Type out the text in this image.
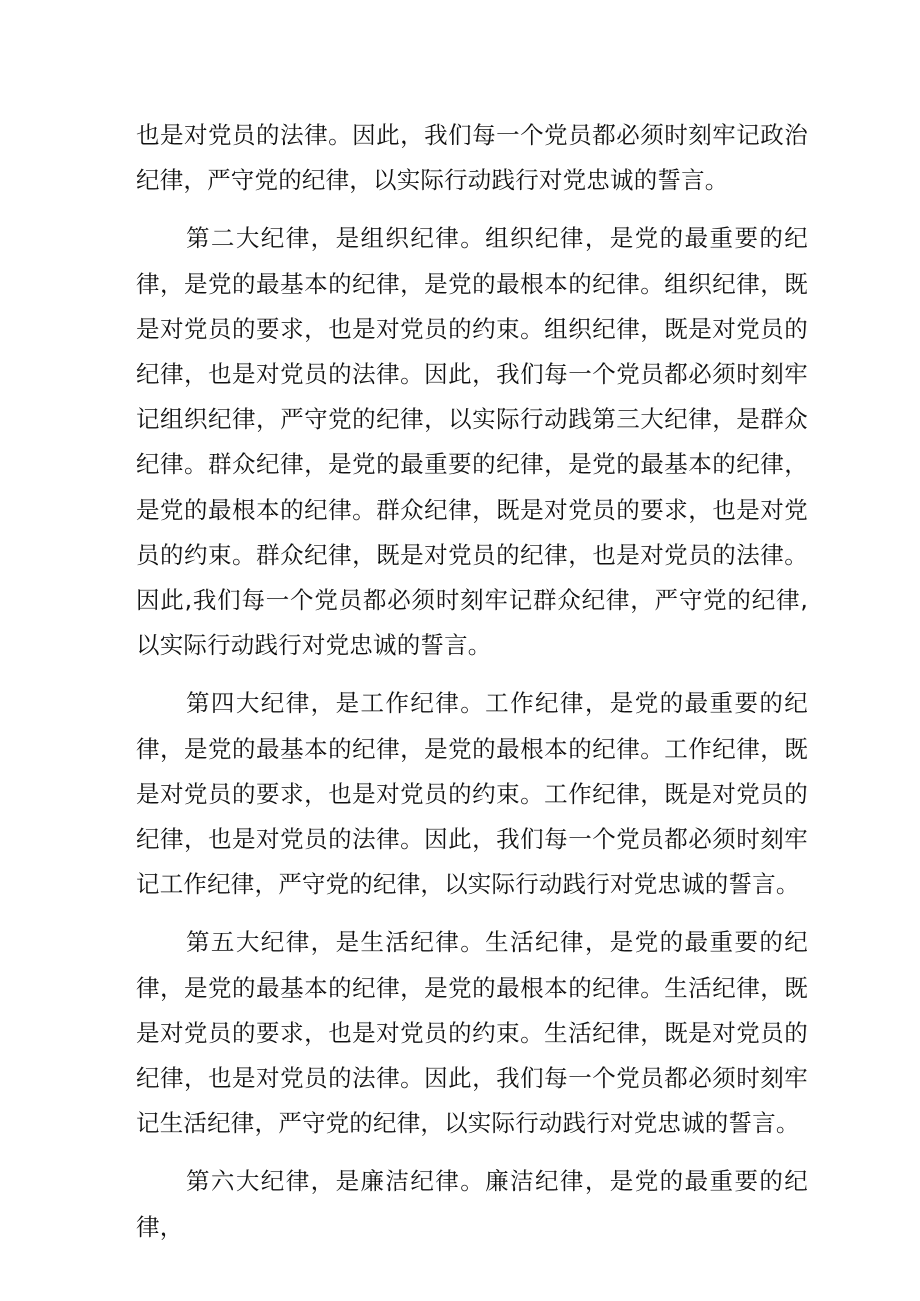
也是对党员的法律。因此，我们每一个党员都必须时刻牢记政治纪律，严守党的纪律，以实际行动践行对党忠诚的誓言。

第二大纪律，是组织纪律。组织纪律，是党的最重要的纪律，是党的最基本的纪律，是党的最根本的纪律。组织纪律，既是对党员的要求，也是对党员的约束。组织纪律，既是对党员的纪律，也是对党员的法律。因此，我们每一个党员都必须时刻牢记组织纪律，严守党的纪律，以实际行动践第三大纪律，是群众纪律。群众纪律，是党的最重要的纪律，是党的最基本的纪律，是党的最根本的纪律。群众纪律，既是对党员的要求，也是对党员的约束。群众纪律，既是对党员的纪律，也是对党员的法律。因此,我们每一个党员都必须时刻牢记群众纪律，严守党的纪律,以实际行动践行对党忠诚的誓言。

第四大纪律，是工作纪律。工作纪律，是党的最重要的纪律，是党的最基本的纪律，是党的最根本的纪律。工作纪律，既是对党员的要求，也是对党员的约束。工作纪律，既是对党员的纪律，也是对党员的法律。因此，我们每一个党员都必须时刻牢记工作纪律，严守党的纪律，以实际行动践行对党忠诚的誓言。

第五大纪律，是生活纪律。生活纪律，是党的最重要的纪律，是党的最基本的纪律，是党的最根本的纪律。生活纪律，既是对党员的要求，也是对党员的约束。生活纪律，既是对党员的纪律，也是对党员的法律。因此，我们每一个党员都必须时刻牢记生活纪律，严守党的纪律，以实际行动践行对党忠诚的誓言。

第六大纪律，是廉洁纪律。廉洁纪律，是党的最重要的纪律，
